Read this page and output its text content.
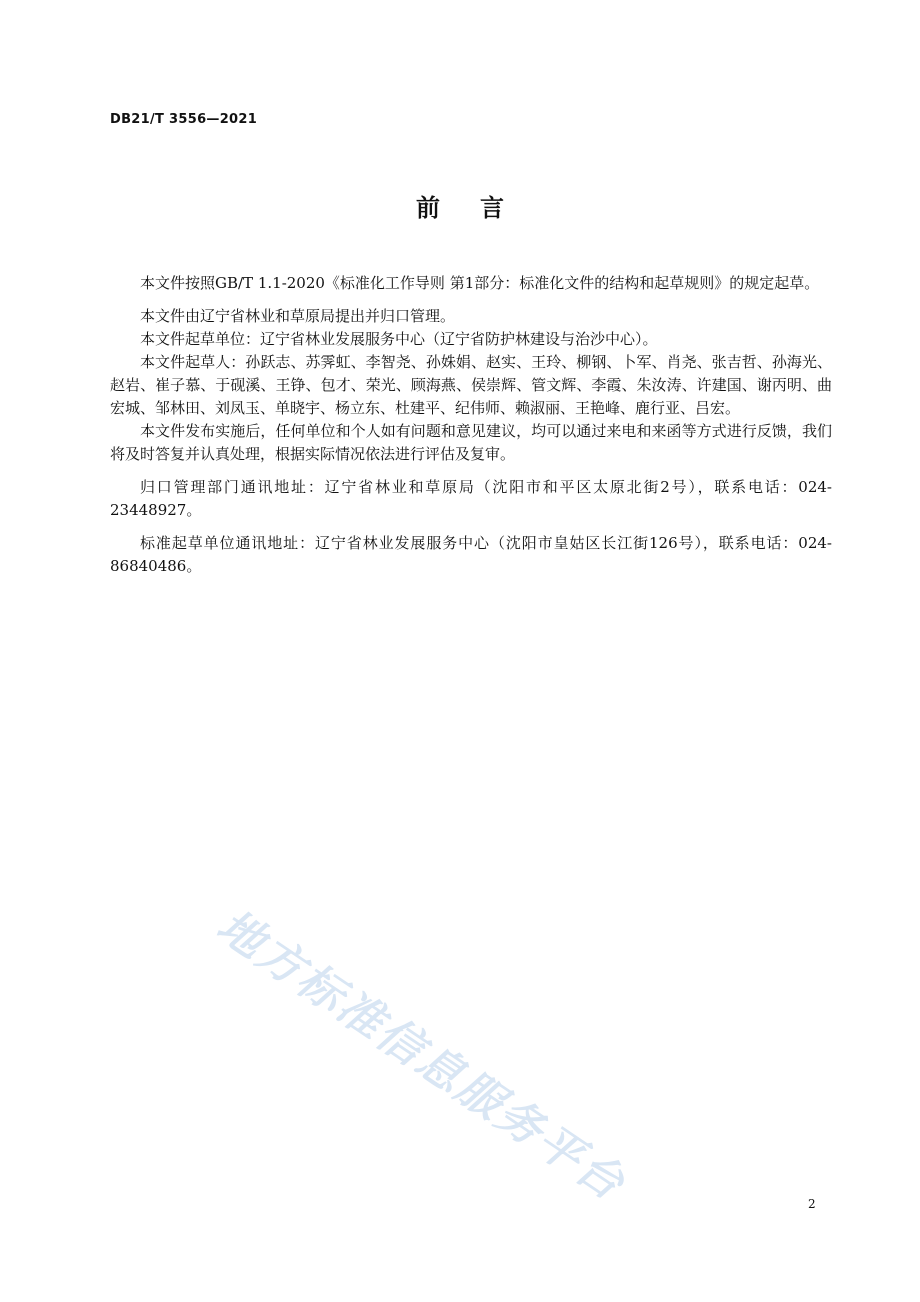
DB21/T 3556—2021
前言

本文件按照GB/T 1.1-2020《标准化工作导则 第1部分：标准化文件的结构和起草规则》的规定起草。

本文件由辽宁省林业和草原局提出并归口管理。

本文件起草单位：辽宁省林业发展服务中心（辽宁省防护林建设与治沙中心）。

本文件起草人：孙跃志、苏霁虹、李智尧、孙姝娟、赵实、王玲、柳钢、卜军、肖尧、张吉哲、孙海光、赵岩、崔子慕、于砚溪、王铮、包才、荣光、顾海燕、侯崇辉、管文辉、李霞、朱汝涛、许建国、谢丙明、曲宏城、邹林田、刘凤玉、单晓宇、杨立东、杜建平、纪伟师、赖淑丽、王艳峰、鹿行亚、吕宏。

本文件发布实施后，任何单位和个人如有问题和意见建议，均可以通过来电和来函等方式进行反馈，我们将及时答复并认真处理，根据实际情况依法进行评估及复审。

归口管理部门通讯地址：辽宁省林业和草原局（沈阳市和平区太原北街2号），联系电话：024-23448927。

标准起草单位通讯地址：辽宁省林业发展服务中心（沈阳市皇姑区长江街126号），联系电话：024-86840486。

地方标准信息服务平台	2
